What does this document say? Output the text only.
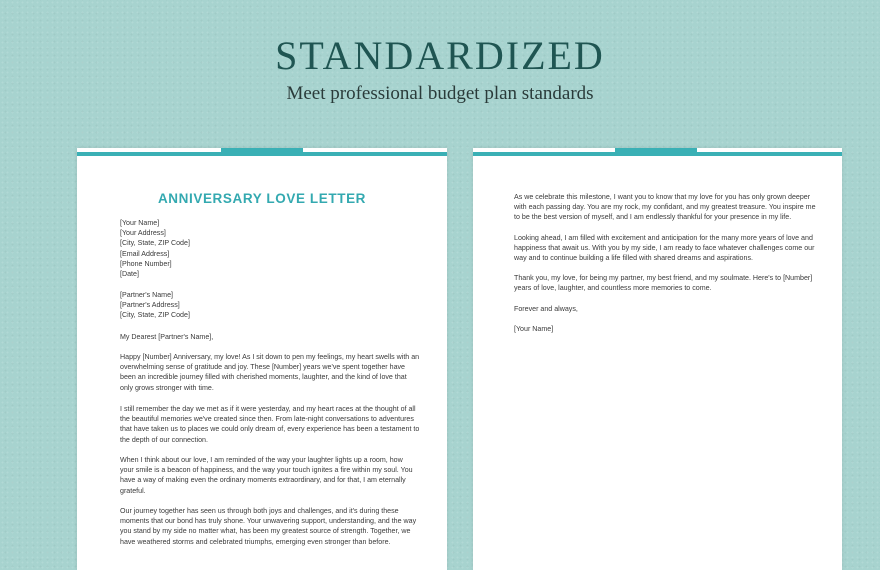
STANDARDIZED
Meet professional budget plan standards
ANNIVERSARY LOVE LETTER
[Your Name]
[Your Address]
[City, State, ZIP Code]
[Email Address]
[Phone Number]
[Date]
[Partner's Name]
[Partner's Address]
[City, State, ZIP Code]
My Dearest [Partner's Name],
Happy [Number] Anniversary, my love! As I sit down to pen my feelings, my heart swells with an
overwhelming sense of gratitude and joy. These [Number] years we've spent together have
been an incredible journey filled with cherished moments, laughter, and the kind of love that
only grows stronger with time.
I still remember the day we met as if it were yesterday, and my heart races at the thought of all
the beautiful memories we've created since then. From late-night conversations to adventures
that have taken us to places we could only dream of, every experience has been a testament to
the depth of our connection.
When I think about our love, I am reminded of the way your laughter lights up a room, how
your smile is a beacon of happiness, and the way your touch ignites a fire within my soul. You
have a way of making even the ordinary moments extraordinary, and for that, I am eternally
grateful.
Our journey together has seen us through both joys and challenges, and it's during these
moments that our bond has truly shone. Your unwavering support, understanding, and the way
you stand by my side no matter what, has been my greatest source of strength. Together, we
have weathered storms and celebrated triumphs, emerging even stronger than before.
As we celebrate this milestone, I want you to know that my love for you has only grown deeper
with each passing day. You are my rock, my confidant, and my greatest treasure. You inspire me
to be the best version of myself, and I am endlessly thankful for your presence in my life.
Looking ahead, I am filled with excitement and anticipation for the many more years of love and
happiness that await us. With you by my side, I am ready to face whatever challenges come our
way and to continue building a life filled with shared dreams and aspirations.
Thank you, my love, for being my partner, my best friend, and my soulmate. Here's to [Number]
years of love, laughter, and countless more memories to come.
Forever and always,
[Your Name]
